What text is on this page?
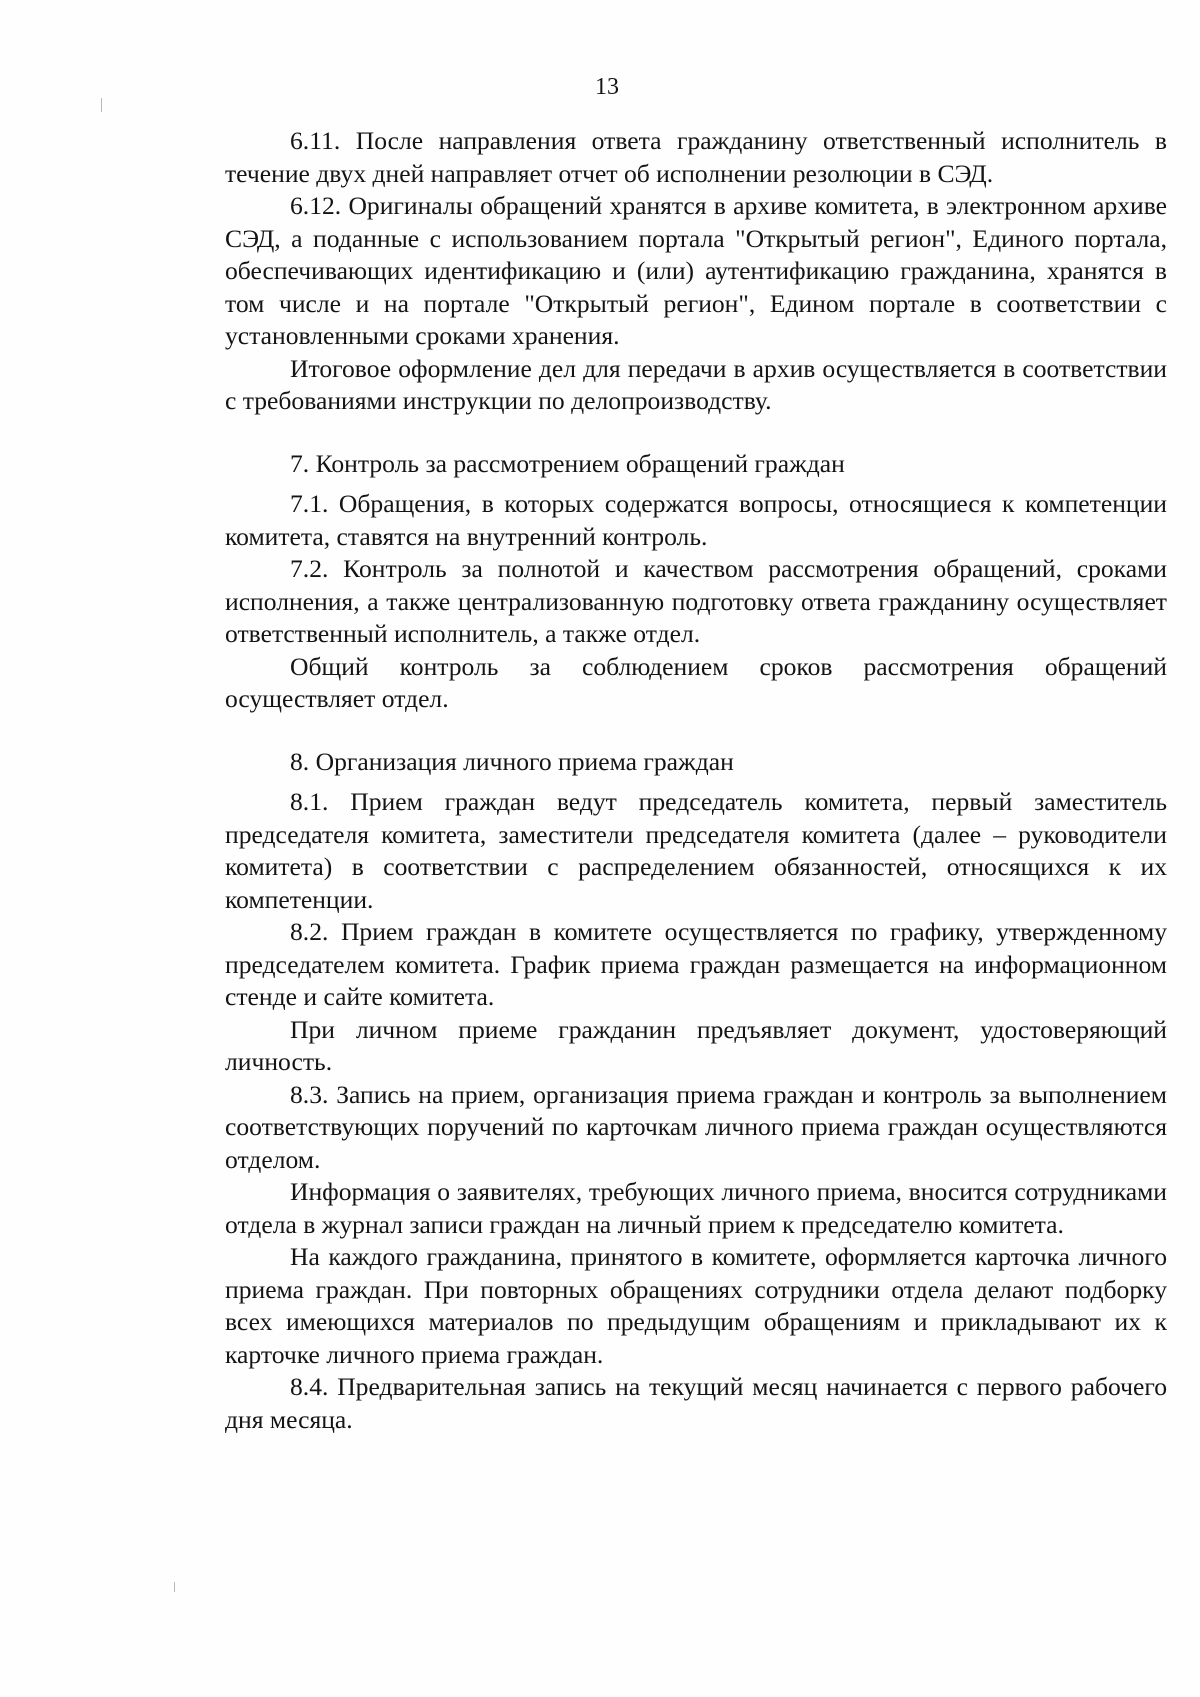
13

6.11. После направления ответа гражданину ответственный исполнитель в течение двух дней направляет отчет об исполнении резолюции в СЭД.

6.12. Оригиналы обращений хранятся в архиве комитета, в электронном архиве СЭД, а поданные с использованием портала "Открытый регион", Единого портала, обеспечивающих идентификацию и (или) аутентификацию гражданина, хранятся в том числе и на портале "Открытый регион", Едином портале в соответствии с установленными сроками хранения.

Итоговое оформление дел для передачи в архив осуществляется в соответствии с требованиями инструкции по делопроизводству.

7. Контроль за рассмотрением обращений граждан

7.1. Обращения, в которых содержатся вопросы, относящиеся к компетенции комитета, ставятся на внутренний контроль.

7.2. Контроль за полнотой и качеством рассмотрения обращений, сроками исполнения, а также централизованную подготовку ответа гражданину осуществляет ответственный исполнитель, а также отдел.

Общий контроль за соблюдением сроков рассмотрения обращений осуществляет отдел.

8. Организация личного приема граждан

8.1. Прием граждан ведут председатель комитета, первый заместитель председателя комитета, заместители председателя комитета (далее – руководители комитета) в соответствии с распределением обязанностей, относящихся к их компетенции.

8.2. Прием граждан в комитете осуществляется по графику, утвержденному председателем комитета. График приема граждан размещается на информационном стенде и сайте комитета.

При личном приеме гражданин предъявляет документ, удостоверяющий личность.

8.3. Запись на прием, организация приема граждан и контроль за выполнением соответствующих поручений по карточкам личного приема граждан осуществляются отделом.

Информация о заявителях, требующих личного приема, вносится сотрудниками отдела в журнал записи граждан на личный прием к председателю комитета.

На каждого гражданина, принятого в комитете, оформляется карточка личного приема граждан. При повторных обращениях сотрудники отдела делают подборку всех имеющихся материалов по предыдущим обращениям и прикладывают их к карточке личного приема граждан.

8.4. Предварительная запись на текущий месяц начинается с первого рабочего дня месяца.
